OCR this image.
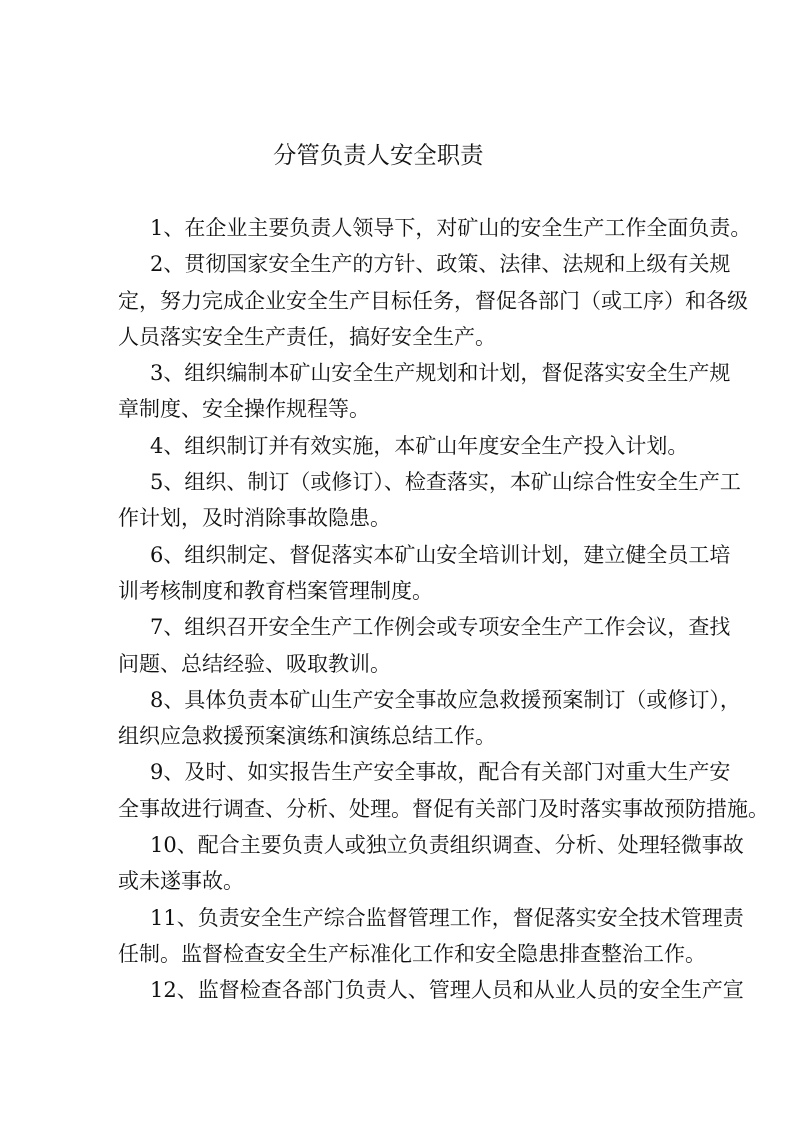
分管负责人安全职责
1、在企业主要负责人领导下，对矿山的安全生产工作全面负责。
2、贯彻国家安全生产的方针、政策、法律、法规和上级有关规
定，努力完成企业安全生产目标任务，督促各部门（或工序）和各级
人员落实安全生产责任，搞好安全生产。
3、组织编制本矿山安全生产规划和计划，督促落实安全生产规
章制度、安全操作规程等。
4、组织制订并有效实施，本矿山年度安全生产投入计划。
5、组织、制订（或修订）、检查落实，本矿山综合性安全生产工
作计划，及时消除事故隐患。
6、组织制定、督促落实本矿山安全培训计划，建立健全员工培
训考核制度和教育档案管理制度。
7、组织召开安全生产工作例会或专项安全生产工作会议，查找
问题、总结经验、吸取教训。
8、具体负责本矿山生产安全事故应急救援预案制订（或修订），
组织应急救援预案演练和演练总结工作。
9、及时、如实报告生产安全事故，配合有关部门对重大生产安
全事故进行调查、分析、处理。督促有关部门及时落实事故预防措施。
10、配合主要负责人或独立负责组织调查、分析、处理轻微事故
或未遂事故。
11、负责安全生产综合监督管理工作，督促落实安全技术管理责
任制。监督检查安全生产标准化工作和安全隐患排查整治工作。
12、监督检查各部门负责人、管理人员和从业人员的安全生产宣
